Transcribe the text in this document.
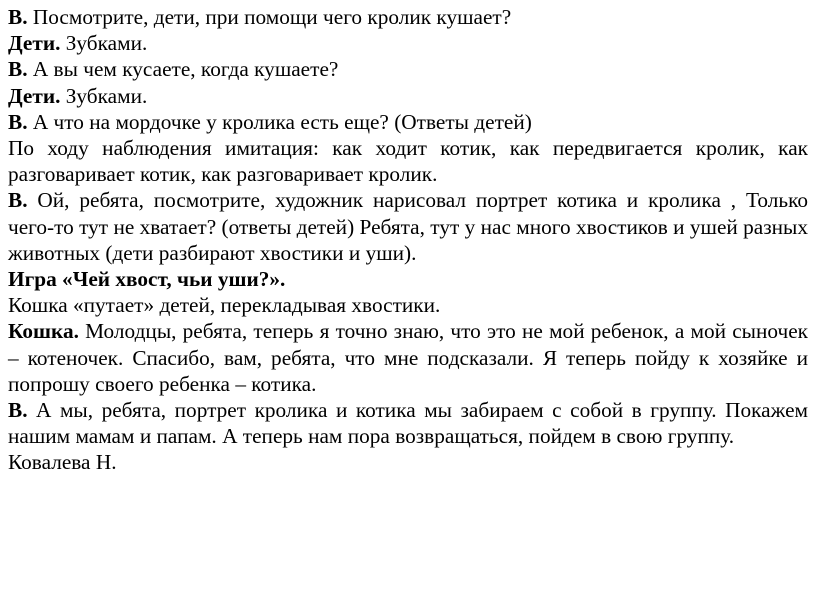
В. Посмотрите, дети, при помощи чего кролик кушает?

Дети. Зубками.

В. А вы чем кусаете, когда кушаете?

Дети. Зубками.

В. А что на мордочке у кролика есть еще? (Ответы детей)

По ходу наблюдения имитация: как ходит котик, как передвигается кролик, как разговаривает котик, как разговаривает кролик.

В. Ой, ребята, посмотрите, художник нарисовал портрет котика и кролика , Только чего-то тут не хватает? (ответы детей) Ребята, тут у нас много хвостиков и ушей разных животных (дети разбирают хвостики и уши).

Игра «Чей хвост, чьи уши?».

Кошка «путает» детей, перекладывая хвостики.

Кошка. Молодцы, ребята, теперь я точно знаю, что это не мой ребенок, а мой сыночек – котеночек. Спасибо, вам, ребята, что мне подсказали. Я теперь пойду к хозяйке и попрошу своего ребенка – котика.

В. А мы, ребята, портрет кролика и котика мы забираем с собой в группу. Покажем нашим мамам и папам. А теперь нам пора возвращаться, пойдем в свою группу.

Ковалева Н.
